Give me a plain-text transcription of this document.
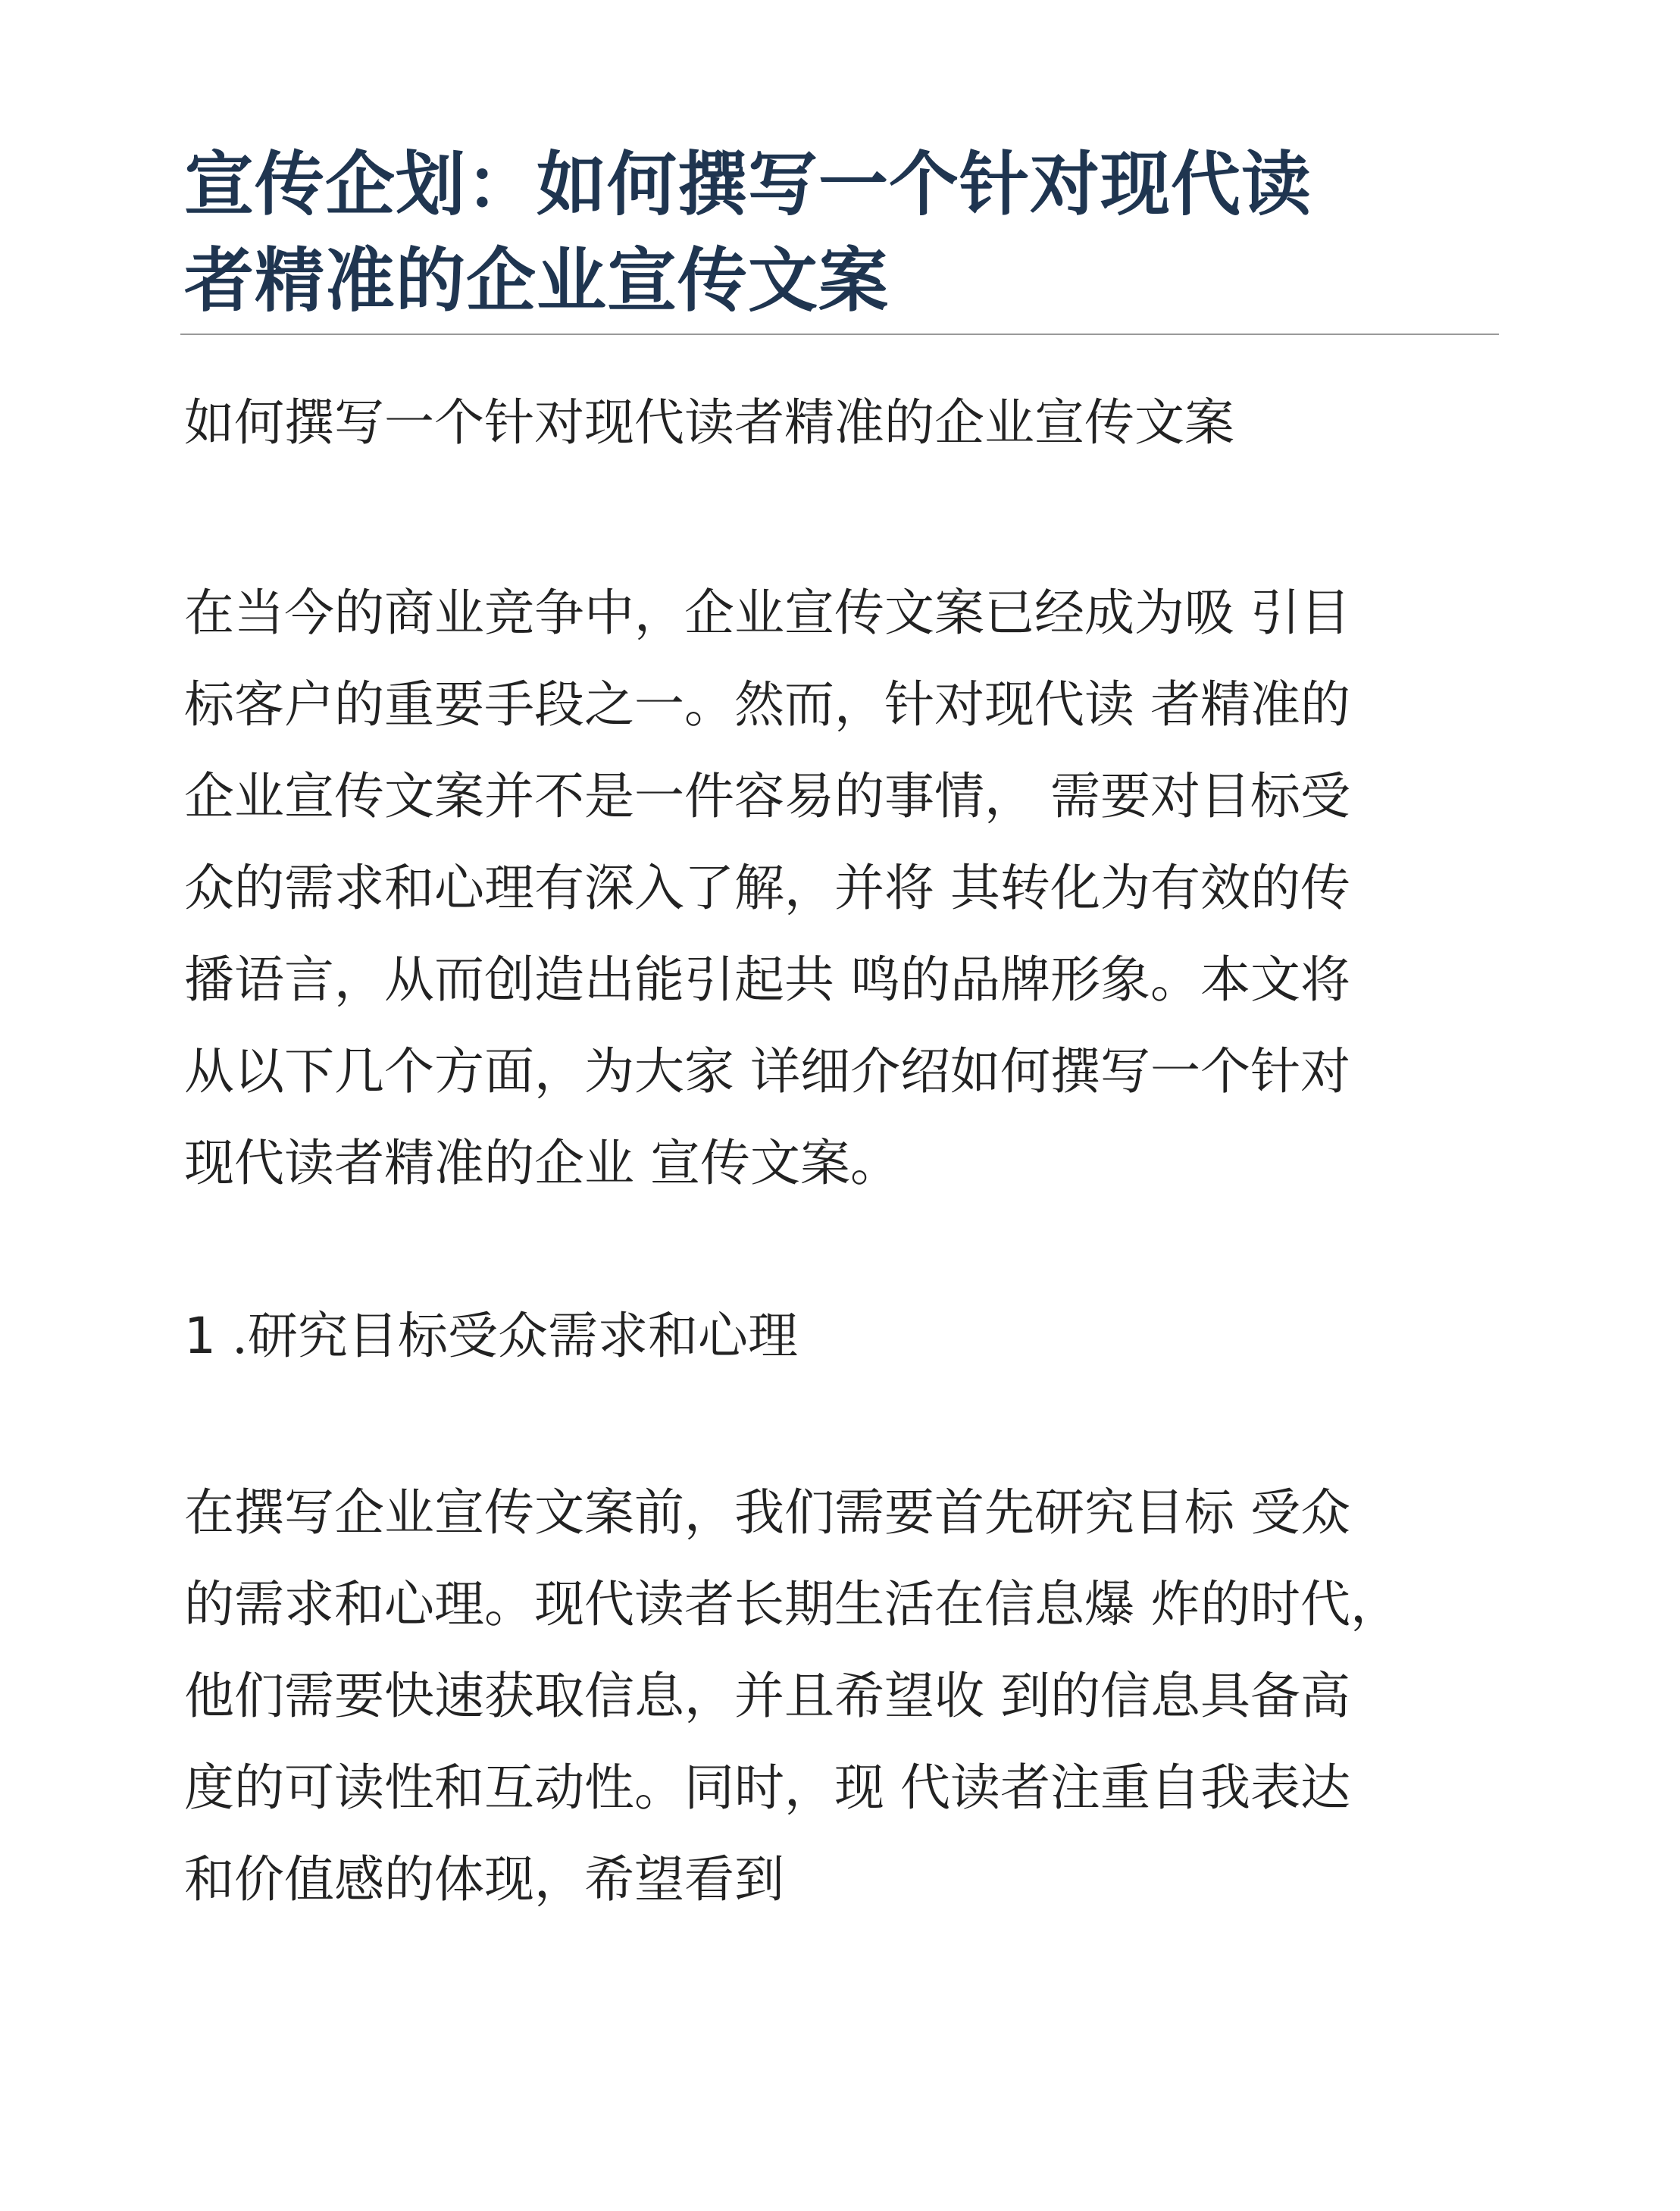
宣传企划：如何撰写一个针对现代读
者精准的企业宣传文案

如何撰写一个针对现代读者精准的企业宣传文案

在当今的商业竞争中，企业宣传文案已经成为吸 引目
标客户的重要手段之一。然而，针对现代读 者精准的
企业宣传文案并不是一件容易的事情， 需要对目标受
众的需求和心理有深入了解，并将 其转化为有效的传
播语言，从而创造出能引起共 鸣的品牌形象。本文将
从以下几个方面，为大家 详细介绍如何撰写一个针对
现代读者精准的企业 宣传文案。

1 .研究目标受众需求和心理

在撰写企业宣传文案前，我们需要首先研究目标 受众
的需求和心理。现代读者长期生活在信息爆 炸的时代，
他们需要快速获取信息，并且希望收 到的信息具备高
度的可读性和互动性。同时，现 代读者注重自我表达
和价值感的体现，希望看到
